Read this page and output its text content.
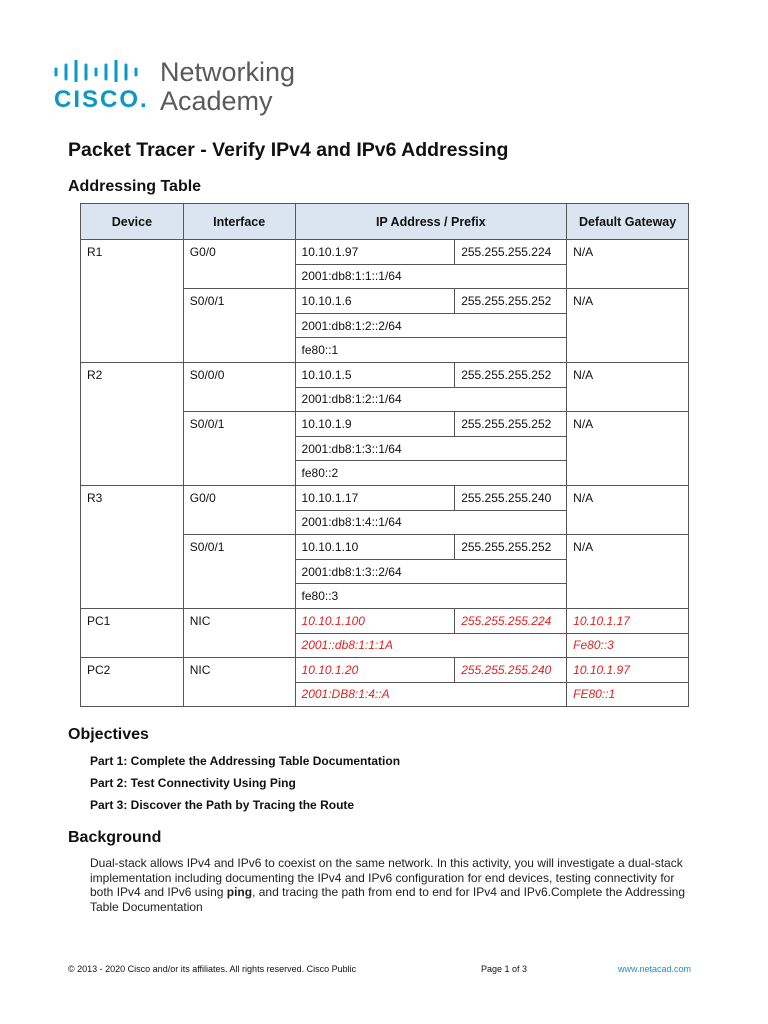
CISCO.
Networking
Academy
Packet Tracer - Verify IPv4 and IPv6 Addressing
Addressing Table
Device	Interface	IP Address / Prefix		Default Gateway
R1	G0/0	10.10.1.97	255.255.255.224	N/A
		2001:db8:1:1::1/64		
	S0/0/1	10.10.1.6	255.255.255.252	N/A
		2001:db8:1:2::2/64		
		fe80::1		
R2	S0/0/0	10.10.1.5	255.255.255.252	N/A
		2001:db8:1:2::1/64		
	S0/0/1	10.10.1.9	255.255.255.252	N/A
		2001:db8:1:3::1/64		
		fe80::2		
R3	G0/0	10.10.1.17	255.255.255.240	N/A
		2001:db8:1:4::1/64		
	S0/0/1	10.10.1.10	255.255.255.252	N/A
		2001:db8:1:3::2/64		
		fe80::3		
PC1	NIC	10.10.1.100	255.255.255.224	10.10.1.17
		2001::db8:1:1:1A		Fe80::3
PC2	NIC	10.10.1.20	255.255.255.240	10.10.1.97
		2001:DB8:1:4::A		FE80::1
Objectives
Part 1: Complete the Addressing Table Documentation
Part 2: Test Connectivity Using Ping
Part 3: Discover the Path by Tracing the Route
Background
Dual-stack allows IPv4 and IPv6 to coexist on the same network. In this activity, you will investigate a dual-stack implementation including documenting the IPv4 and IPv6 configuration for end devices, testing connectivity for both IPv4 and IPv6 using ping, and tracing the path from end to end for IPv4 and IPv6.Complete the Addressing Table Documentation
© 2013 - 2020 Cisco and/or its affiliates. All rights reserved. Cisco Public	Page 1 of 3	www.netacad.com
